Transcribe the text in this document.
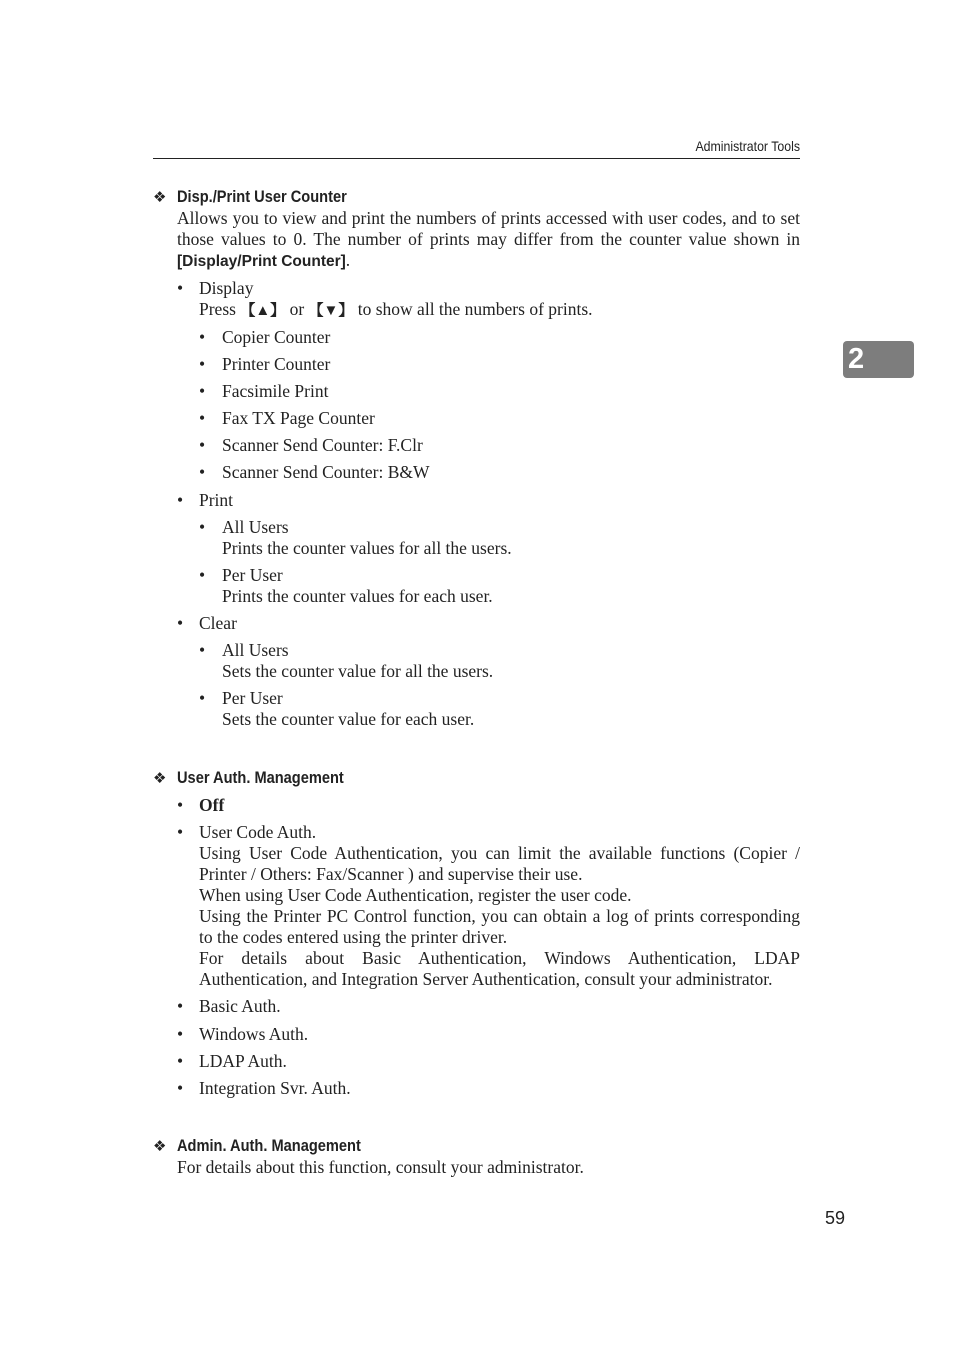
Administrator Tools
2
❖ Disp./Print User Counter
Allows you to view and print the numbers of prints accessed with user codes, and to set those values to 0. The number of prints may differ from the counter value shown in [Display/Print Counter].
• Display
Press 【▲】 or 【▼】 to show all the numbers of prints.
• Copier Counter
• Printer Counter
• Facsimile Print
• Fax TX Page Counter
• Scanner Send Counter: F.Clr
• Scanner Send Counter: B&W
• Print
• All Users
Prints the counter values for all the users.
• Per User
Prints the counter values for each user.
• Clear
• All Users
Sets the counter value for all the users.
• Per User
Sets the counter value for each user.
❖ User Auth. Management
• Off
• User Code Auth.
Using User Code Authentication, you can limit the available functions (Copier / Printer / Others: Fax/Scanner ) and supervise their use.
When using User Code Authentication, register the user code.
Using the Printer PC Control function, you can obtain a log of prints corresponding to the codes entered using the printer driver.
For details about Basic Authentication, Windows Authentication, LDAP Authentication, and Integration Server Authentication, consult your administrator.
• Basic Auth.
• Windows Auth.
• LDAP Auth.
• Integration Svr. Auth.
❖ Admin. Auth. Management
For details about this function, consult your administrator.
59
